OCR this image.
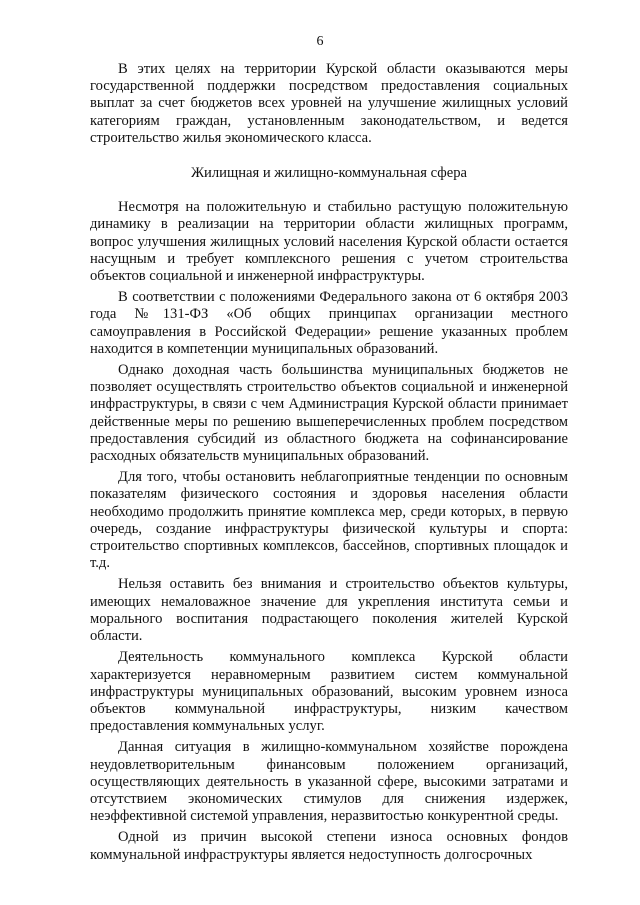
6

В этих целях на территории Курской области оказываются меры государственной поддержки посредством предоставления социальных выплат за счет бюджетов всех уровней на улучшение жилищных условий категориям граждан, установленным законодательством, и ведется строительство жилья экономического класса.

Жилищная и жилищно-коммунальная сфера

Несмотря на положительную и стабильно растущую положительную динамику в реализации на территории области жилищных программ, вопрос улучшения жилищных условий населения Курской области остается насущным и требует комплексного решения с учетом строительства объектов социальной и инженерной инфраструктуры.

В соответствии с положениями Федерального закона от 6 октября 2003 года №131-ФЗ «Об общих принципах организации местного самоуправления в Российской Федерации» решение указанных проблем находится в компетенции муниципальных образований.

Однако доходная часть большинства муниципальных бюджетов не позволяет осуществлять строительство объектов социальной и инженерной инфраструктуры, в связи с чем Администрация Курской области принимает действенные меры по решению вышеперечисленных проблем посредством предоставления субсидий из областного бюджета на софинансирование расходных обязательств муниципальных образований.

Для того, чтобы остановить неблагоприятные тенденции по основным показателям физического состояния и здоровья населения области необходимо продолжить принятие комплекса мер, среди которых, в первую очередь, создание инфраструктуры физической культуры и спорта: строительство спортивных комплексов, бассейнов, спортивных площадок и т.д.

Нельзя оставить без внимания и строительство объектов культуры, имеющих немаловажное значение для укрепления института семьи и морального воспитания подрастающего поколения жителей Курской области.

Деятельность коммунального комплекса Курской области характеризуется неравномерным развитием систем коммунальной инфраструктуры муниципальных образований, высоким уровнем износа объектов коммунальной инфраструктуры, низким качеством предоставления коммунальных услуг.

Данная ситуация в жилищно-коммунальном хозяйстве порождена неудовлетворительным финансовым положением организаций, осуществляющих деятельность в указанной сфере, высокими затратами и отсутствием экономических стимулов для снижения издержек, неэффективной системой управления, неразвитостью конкурентной среды.

Одной из причин высокой степени износа основных фондов коммунальной инфраструктуры является недоступность долгосрочных
